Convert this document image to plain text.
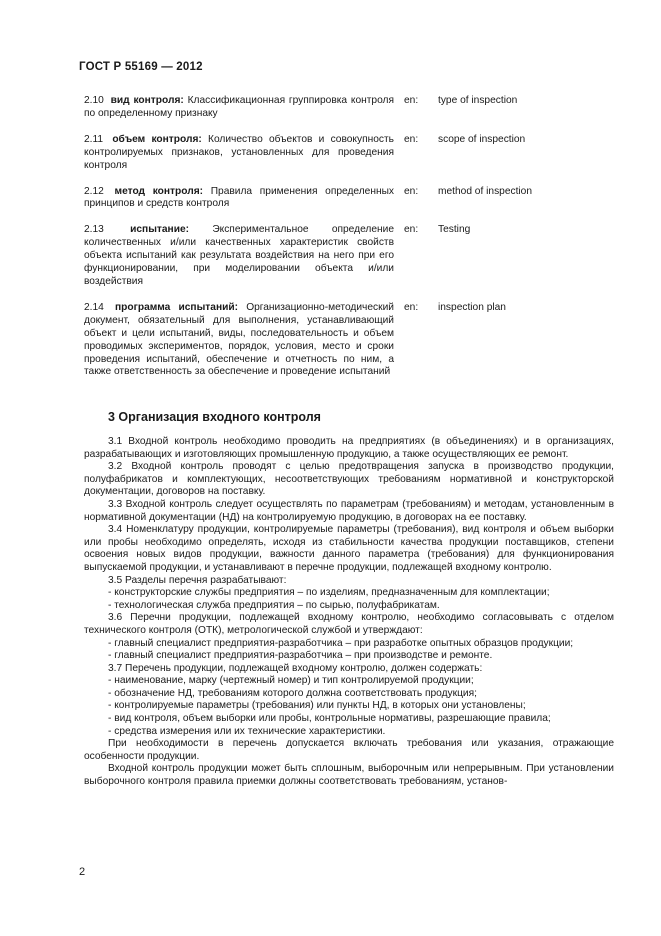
ГОСТ Р 55169 — 2012
2.10 вид контроля: Классификационная группировка контроля по определенному признаку
en: type of inspection
2.11 объем контроля: Количество объектов и совокупность контролируемых признаков, установленных для проведения контроля
en: scope of inspection
2.12 метод контроля: Правила применения определенных принципов и средств контроля
en: method of inspection
2.13	испытание: Экспериментальное определение количественных и/или качественных характеристик свойств объекта испытаний как результата воздействия на него при его функционировании, при моделировании объекта и/или воздействия
en: Testing
2.14 программа испытаний: Организационно-методический документ, обязательный для выполнения, устанавливающий объект и цели испытаний, виды, последовательность и объем проводимых экспериментов, порядок, условия, место и сроки проведения испытаний, обеспечение и отчетность по ним, а также ответственность за обеспечение и проведение испытаний
en: inspection plan
3 Организация входного контроля

3.1 Входной контроль необходимо проводить на предприятиях (в объединениях) и в организациях, разрабатывающих и изготовляющих промышленную продукцию, а также осуществляющих ее ремонт.

3.2 Входной контроль проводят с целью предотвращения запуска в производство продукции, полуфабрикатов и комплектующих, несоответствующих требованиям нормативной и конструкторской документации, договоров на поставку.

3.3 Входной контроль следует осуществлять по параметрам (требованиям) и методам, установленным в нормативной документации (НД) на контролируемую продукцию, в договорах на ее поставку.

3.4 Номенклатуру продукции, контролируемые параметры (требования), вид контроля и объем выборки или пробы необходимо определять, исходя из стабильности качества продукции поставщиков, степени освоения новых видов продукции, важности данного параметра (требования) для функционирования выпускаемой продукции, и устанавливают в перечне продукции, подлежащей входному контролю.

3.5 Разделы перечня разрабатывают:

- конструкторские службы предприятия – по изделиям, предназначенным для комплектации;

- технологическая служба предприятия – по сырью, полуфабрикатам.

3.6 Перечни продукции, подлежащей входному контролю, необходимо согласовывать с отделом технического контроля (ОТК), метрологической службой и утверждают:

- главный специалист предприятия-разработчика – при разработке опытных образцов продукции;

- главный специалист предприятия-разработчика – при производстве и ремонте.

3.7 Перечень продукции, подлежащей входному контролю, должен содержать:

- наименование, марку (чертежный номер) и тип контролируемой продукции;

- обозначение НД, требованиям которого должна соответствовать продукция;

- контролируемые параметры (требования) или пункты НД, в которых они установлены;

- вид контроля, объем выборки или пробы, контрольные нормативы, разрешающие правила;

- средства измерения или их технические характеристики.

При необходимости в перечень допускается включать требования или указания, отражающие особенности продукции.

Входной контроль продукции может быть сплошным, выборочным или непрерывным. При установлении выборочного контроля правила приемки должны соответствовать требованиям, установ-

2
